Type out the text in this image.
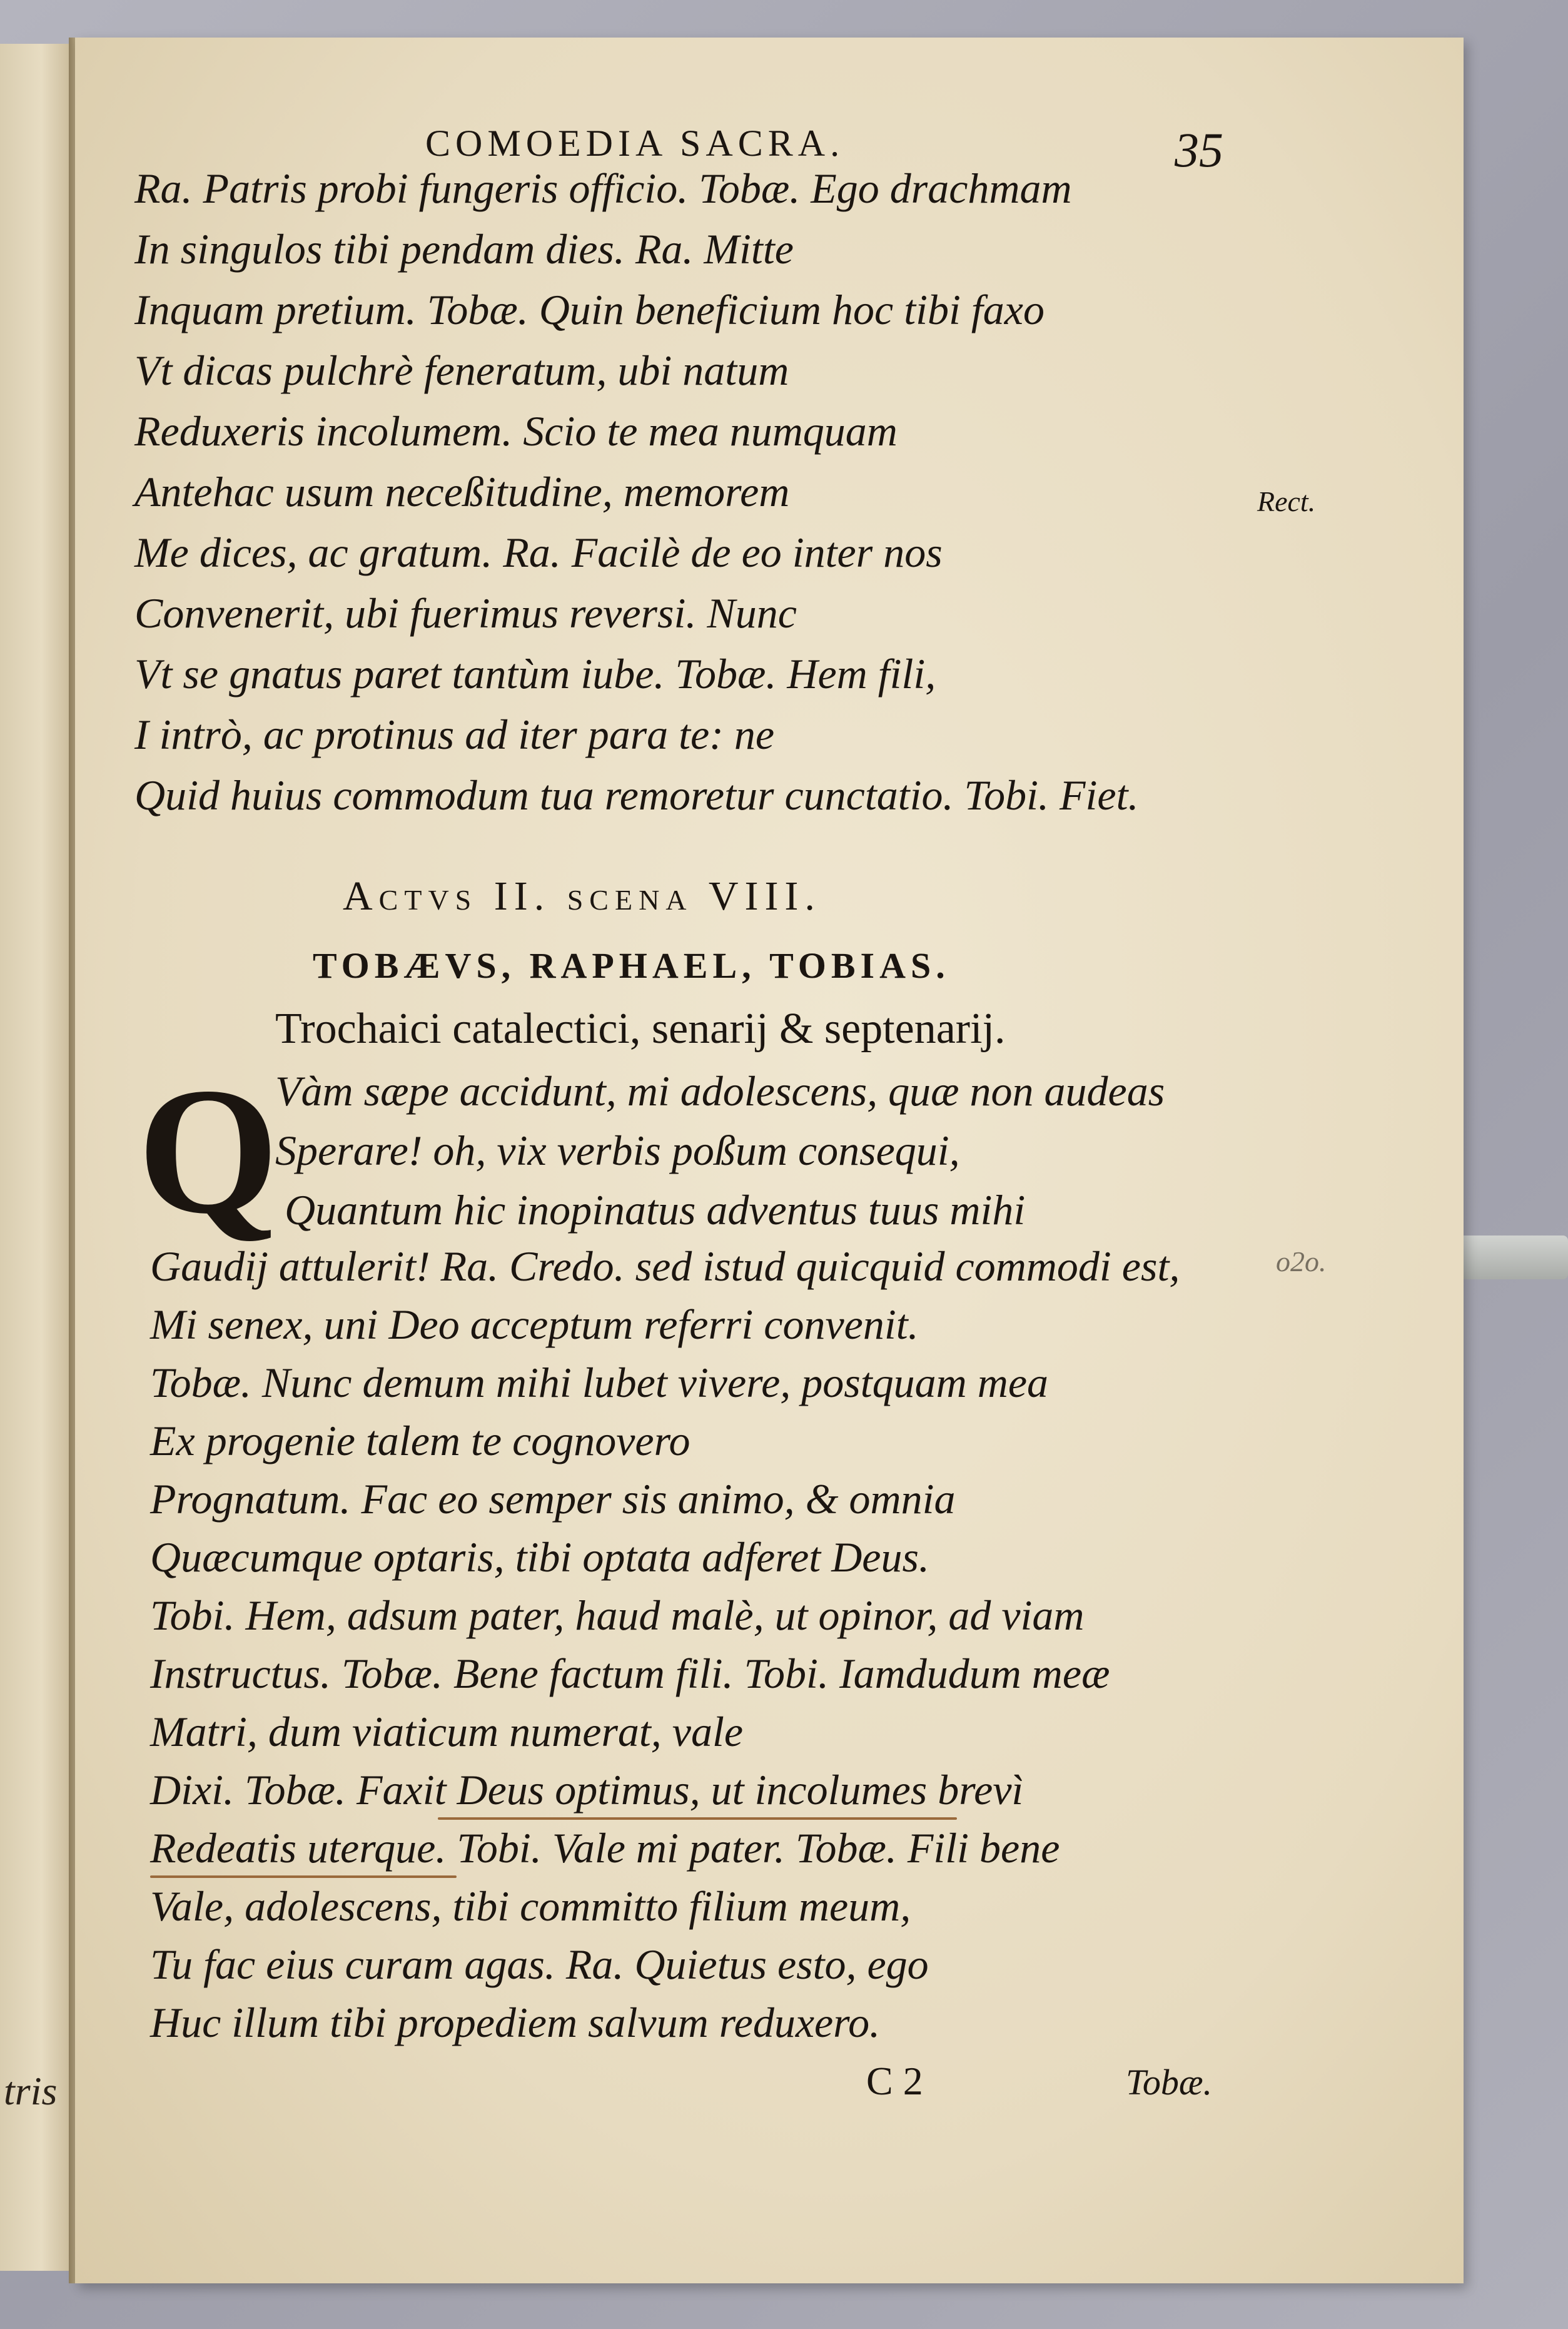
tris
COMOEDIA SACRA.	35
Ra. Patris probi fungeris officio. Tobæ. Ego drachmam
In singulos tibi pendam dies. Ra. Mitte
Inquam pretium. Tobæ. Quin beneficium hoc tibi faxo
Vt dicas pulchrè feneratum, ubi natum
Reduxeris incolumem. Scio te mea numquam
Antehac usum neceßitudine, memorem
Me dices, ac gratum. Ra. Facilè de eo inter nos
Convenerit, ubi fuerimus reversi. Nunc
Vt se gnatus paret tantùm iube. Tobæ. Hem fili,
I intrò, ac protinus ad iter para te: ne
Quid huius commodum tua remoretur cunctatio. Tobi. Fiet.
Rect.
o2o.
Actvs II. scena VIII.
TOBÆVS, RAPHAEL, TOBIAS.
Trochaici catalectici, senarij & septenarij.
Q
Vàm sæpe accidunt, mi adolescens, quæ non audeas
Sperare! oh, vix verbis poßum consequi,
Quantum hic inopinatus adventus tuus mihi
Gaudij attulerit! Ra. Credo. sed istud quicquid commodi est,
Mi senex, uni Deo acceptum referri convenit.
Tobæ. Nunc demum mihi lubet vivere, postquam mea
Ex progenie talem te cognovero
Prognatum. Fac eo semper sis animo, & omnia
Quæcumque optaris, tibi optata adferet Deus.
Tobi. Hem, adsum pater, haud malè, ut opinor, ad viam
Instructus. Tobæ. Bene factum fili. Tobi. Iamdudum meæ
Matri, dum viaticum numerat, vale
Dixi. Tobæ. Faxit Deus optimus, ut incolumes brevì
Redeatis uterque. Tobi. Vale mi pater. Tobæ. Fili bene
Vale, adolescens, tibi committo filium meum,
Tu fac eius curam agas. Ra. Quietus esto, ego
Huc illum tibi propediem salvum reduxero.
C 2	Tobæ.
